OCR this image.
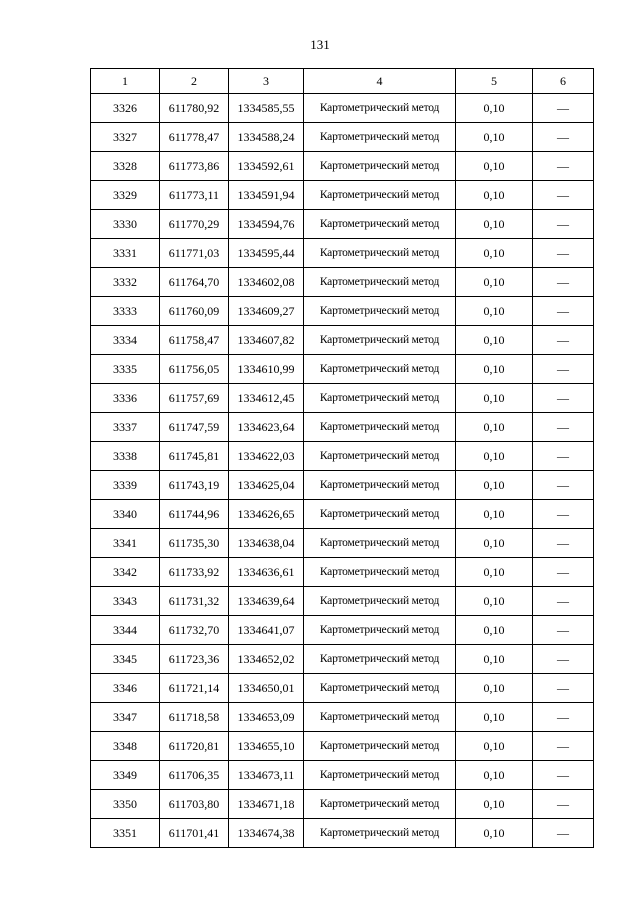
131
1	2	3	4	5	6
3326	611780,92	1334585,55	Картометрический метод	0,10	—
3327	611778,47	1334588,24	Картометрический метод	0,10	—
3328	611773,86	1334592,61	Картометрический метод	0,10	—
3329	611773,11	1334591,94	Картометрический метод	0,10	—
3330	611770,29	1334594,76	Картометрический метод	0,10	—
3331	611771,03	1334595,44	Картометрический метод	0,10	—
3332	611764,70	1334602,08	Картометрический метод	0,10	—
3333	611760,09	1334609,27	Картометрический метод	0,10	—
3334	611758,47	1334607,82	Картометрический метод	0,10	—
3335	611756,05	1334610,99	Картометрический метод	0,10	—
3336	611757,69	1334612,45	Картометрический метод	0,10	—
3337	611747,59	1334623,64	Картометрический метод	0,10	—
3338	611745,81	1334622,03	Картометрический метод	0,10	—
3339	611743,19	1334625,04	Картометрический метод	0,10	—
3340	611744,96	1334626,65	Картометрический метод	0,10	—
3341	611735,30	1334638,04	Картометрический метод	0,10	—
3342	611733,92	1334636,61	Картометрический метод	0,10	—
3343	611731,32	1334639,64	Картометрический метод	0,10	—
3344	611732,70	1334641,07	Картометрический метод	0,10	—
3345	611723,36	1334652,02	Картометрический метод	0,10	—
3346	611721,14	1334650,01	Картометрический метод	0,10	—
3347	611718,58	1334653,09	Картометрический метод	0,10	—
3348	611720,81	1334655,10	Картометрический метод	0,10	—
3349	611706,35	1334673,11	Картометрический метод	0,10	—
3350	611703,80	1334671,18	Картометрический метод	0,10	—
3351	611701,41	1334674,38	Картометрический метод	0,10	—
